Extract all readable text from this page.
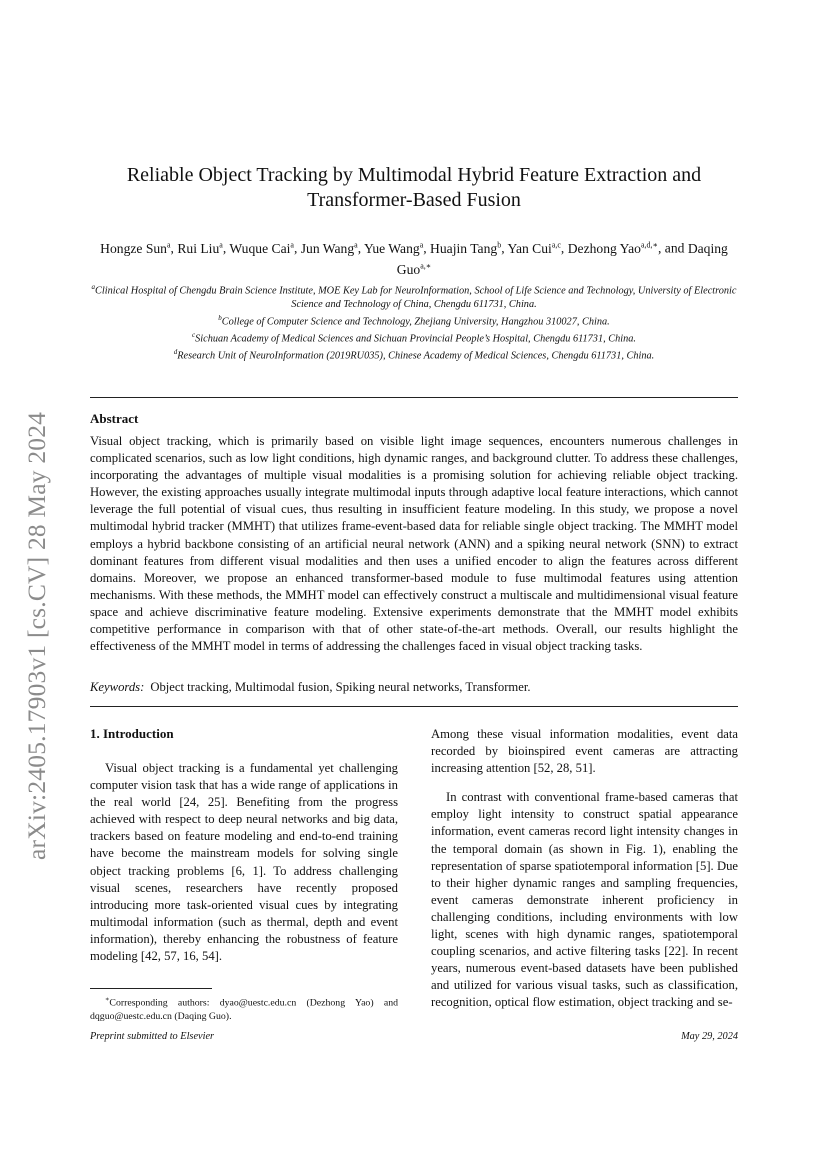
arXiv:2405.17903v1 [cs.CV] 28 May 2024
Reliable Object Tracking by Multimodal Hybrid Feature Extraction and Transformer-Based Fusion
Hongze Sun$^a$, Rui Liu$^a$, Wuque Cai$^a$, Jun Wang$^a$, Yue Wang$^a$, Huajin Tang$^b$, Yan Cui$^{a,c}$, Dezhong Yao$^{a,d,∗}$, and Daqing Guo$^{a,∗}$
$^a$Clinical Hospital of Chengdu Brain Science Institute, MOE Key Lab for NeuroInformation, School of Life Science and Technology, University of Electronic Science and Technology of China, Chengdu 611731, China.
$^b$College of Computer Science and Technology, Zhejiang University, Hangzhou 310027, China.
$^c$Sichuan Academy of Medical Sciences and Sichuan Provincial People’s Hospital, Chengdu 611731, China.
$^d$Research Unit of NeuroInformation (2019RU035), Chinese Academy of Medical Sciences, Chengdu 611731, China.
Abstract
Visual object tracking, which is primarily based on visible light image sequences, encounters numerous challenges in complicated scenarios, such as low light conditions, high dynamic ranges, and background clutter. To address these challenges, incorporating the advantages of multiple visual modalities is a promising solution for achieving reliable object tracking. However, the existing approaches usually integrate multimodal inputs through adaptive local feature interactions, which cannot leverage the full potential of visual cues, thus resulting in insufficient feature modeling. In this study, we propose a novel multimodal hybrid tracker (MMHT) that utilizes frame-event-based data for reliable single object tracking. The MMHT model employs a hybrid backbone consisting of an artificial neural network (ANN) and a spiking neural network (SNN) to extract dominant features from different visual modalities and then uses a unified encoder to align the features across different domains. Moreover, we propose an enhanced transformer-based module to fuse multimodal features using attention mechanisms. With these methods, the MMHT model can effectively construct a multiscale and multidimensional visual feature space and achieve discriminative feature modeling. Extensive experiments demonstrate that the MMHT model exhibits competitive performance in comparison with that of other state-of-the-art methods. Overall, our results highlight the effectiveness of the MMHT model in terms of addressing the challenges faced in visual object tracking tasks.
Keywords: Object tracking, Multimodal fusion, Spiking neural networks, Transformer.
1. Introduction

Visual object tracking is a fundamental yet challenging computer vision task that has a wide range of applications in the real world [24, 25]. Benefiting from the progress achieved with respect to deep neural networks and big data, trackers based on feature modeling and end-to-end training have become the mainstream models for solving single object tracking problems [6, 1]. To address challenging visual scenes, researchers have recently proposed introducing more task-oriented visual cues by integrating multimodal information (such as thermal, depth and event information), thereby enhancing the robustness of feature modeling [42, 57, 16, 54].

Among these visual information modalities, event data recorded by bioinspired event cameras are attracting increasing attention [52, 28, 51].

In contrast with conventional frame-based cameras that employ light intensity to construct spatial appearance information, event cameras record light intensity changes in the temporal domain (as shown in Fig. 1), enabling the representation of sparse spatiotemporal information [5]. Due to their higher dynamic ranges and sampling frequencies, event cameras demonstrate inherent proficiency in challenging conditions, including environments with low light, scenes with high dynamic ranges, spatiotemporal coupling scenarios, and active filtering tasks [22]. In recent years, numerous event-based datasets have been published and utilized for various visual tasks, such as classification, recognition, optical flow estimation, object tracking and se-

∗Corresponding authors: dyao@uestc.edu.cn (Dezhong Yao) and dqguo@uestc.edu.cn (Daqing Guo).
Preprint submitted to Elsevier	May 29, 2024
